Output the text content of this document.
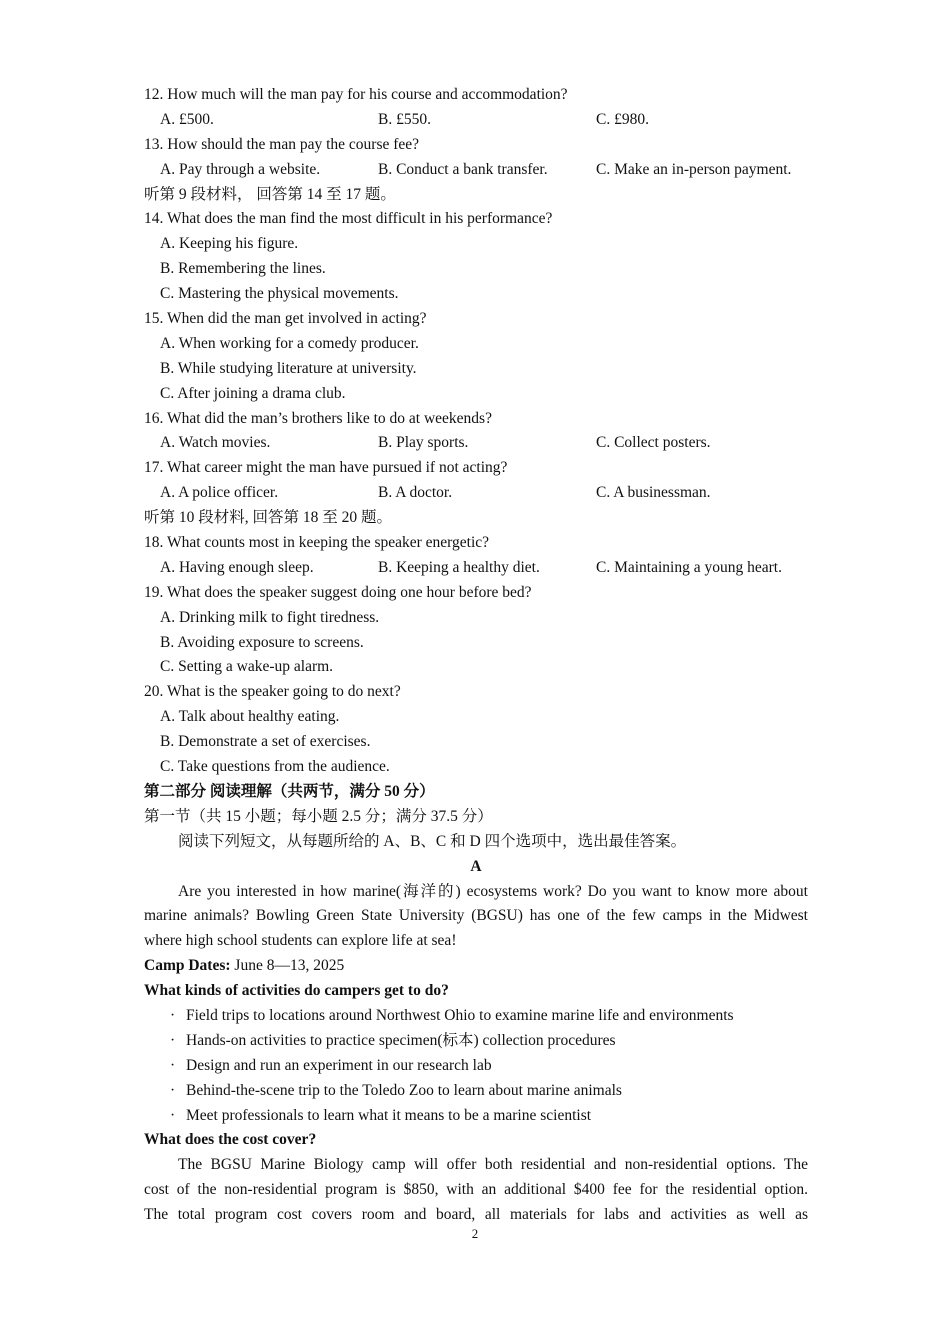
12. How much will the man pay for his course and accommodation?
A. £500.	B. £550.	C. £980.
13. How should the man pay the course fee?
A. Pay through a website.	B. Conduct a bank transfer.	C. Make an in-person payment.
听第 9 段材料， 回答第 14 至 17 题。
14. What does the man find the most difficult in his performance?
A. Keeping his figure.
B. Remembering the lines.
C. Mastering the physical movements.
15. When did the man get involved in acting?
A. When working for a comedy producer.
B. While studying literature at university.
C. After joining a drama club.
16. What did the man’s brothers like to do at weekends?
A. Watch movies.	B. Play sports.	C. Collect posters.
17. What career might the man have pursued if not acting?
A. A police officer.	B. A doctor.	C. A businessman.
听第 10 段材料, 回答第 18 至 20 题。
18. What counts most in keeping the speaker energetic?
A. Having enough sleep.	B. Keeping a healthy diet.	C. Maintaining a young heart.
19. What does the speaker suggest doing one hour before bed?
A. Drinking milk to fight tiredness.
B. Avoiding exposure to screens.
C. Setting a wake-up alarm.
20. What is the speaker going to do next?
A. Talk about healthy eating.
B. Demonstrate a set of exercises.
C. Take questions from the audience.
第二部分 阅读理解（共两节，满分 50 分）
第一节（共 15 小题；每小题 2.5 分；满分 37.5 分）
阅读下列短文，从每题所给的 A、B、C 和 D 四个选项中，选出最佳答案。
A
Are you interested in how marine(海洋的) ecosystems work? Do you want to know more about
marine animals? Bowling Green State University (BGSU) has one of the few camps in the Midwest
where high school students can explore life at sea!
Camp Dates: June 8—13, 2025
What kinds of activities do campers get to do?
· Field trips to locations around Northwest Ohio to examine marine life and environments
· Hands-on activities to practice specimen(标本) collection procedures
· Design and run an experiment in our research lab
· Behind-the-scene trip to the Toledo Zoo to learn about marine animals
· Meet professionals to learn what it means to be a marine scientist
What does the cost cover?
The BGSU Marine Biology camp will offer both residential and non-residential options. The
cost of the non-residential program is $850, with an additional $400 fee for the residential option.
The total program cost covers room and board, all materials for labs and activities as well as
2
